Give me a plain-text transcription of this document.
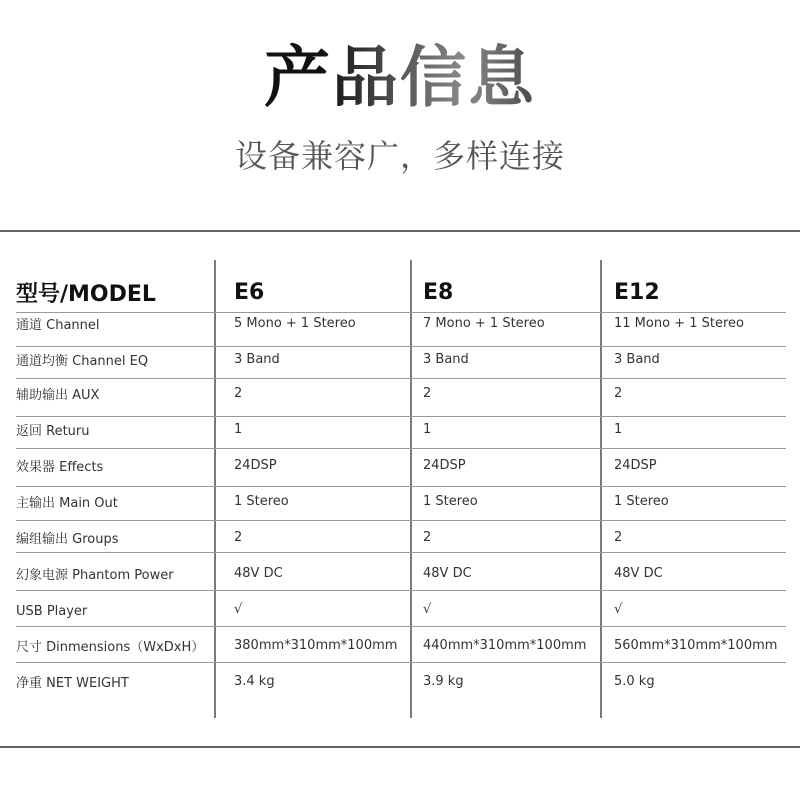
产品信息
设备兼容广，多样连接
型号/MODEL	E6	E8	E12
通道 Channel	5 Mono + 1 Stereo	7 Mono + 1 Stereo	11 Mono + 1 Stereo
通道均衡 Channel EQ	3 Band	3 Band	3 Band
辅助输出 AUX	2	2	2
返回 Returu	1	1	1
效果器 Effects	24DSP	24DSP	24DSP
主输出 Main Out	1 Stereo	1 Stereo	1 Stereo
编组输出 Groups	2	2	2
幻象电源 Phantom Power	48V DC	48V DC	48V DC
USB Player	√	√	√
尺寸 Dinmensions（WxDxH） 380mm*310mm*100mm 440mm*310mm*100mm 560mm*310mm*100mm
净重 NET WEIGHT	3.4 kg	3.9 kg	5.0 kg
